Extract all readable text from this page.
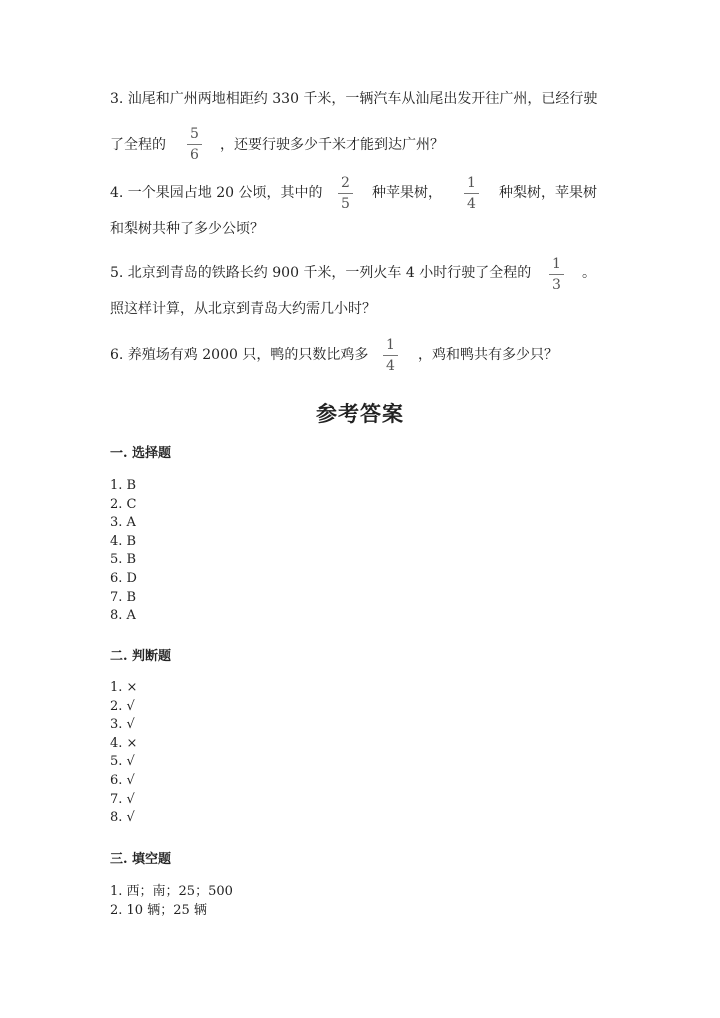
3. 汕尾和广州两地相距约 330 千米，一辆汽车从汕尾出发开往广州，已经行驶
了全程的 $\frac{5}{6}$ ，还要行驶多少千米才能到达广州？
4. 一个果园占地 20 公顷，其中的 $\frac{2}{5}$ 种苹果树， $\frac{1}{4}$ 种梨树，苹果树
和梨树共种了多少公顷？
5. 北京到青岛的铁路长约 900 千米，一列火车 4 小时行驶了全程的 $\frac{1}{3}$ 。
照这样计算，从北京到青岛大约需几小时？
6. 养殖场有鸡 2000 只，鸭的只数比鸡多 $\frac{1}{4}$ ，鸡和鸭共有多少只？
参考答案
一. 选择题
1. B
2. C
3. A
4. B
5. B
6. D
7. B
8. A
二. 判断题
1. ×
2. √
3. √
4. ×
5. √
6. √
7. √
8. √
三. 填空题
1. 西；南；25；500
2. 10 辆；25 辆
